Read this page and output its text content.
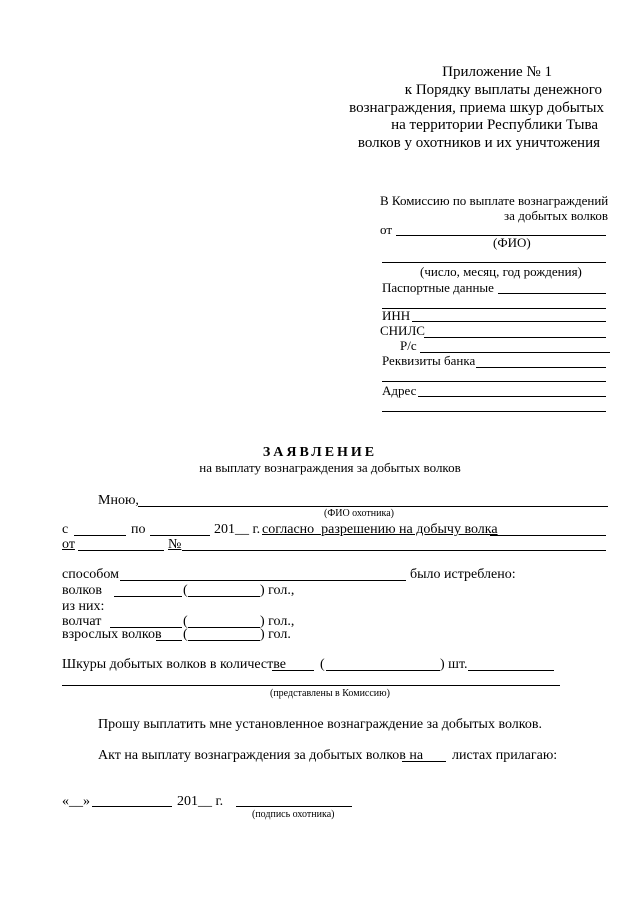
Приложение № 1
к Порядку выплаты денежного
вознаграждения, приема шкур добытых
на территории Республики Тыва
волков у охотников и их уничтожения
В Комиссию по выплате вознаграждений
за добытых волков
от
(ФИО)
(число, месяц, год рождения)
Паспортные данные
ИНН
СНИЛС
Р/с
Реквизиты банка
Адрес
ЗАЯВЛЕНИЕ
на выплату вознаграждения за добытых волков
Мною,
(ФИО охотника)
с	по	201__ г. согласно  разрешению на добычу волка
от	№
способом	было истреблено:
волков	(	) гол.,
из них:
волчат	(	) гол.,
взрослых волков (	) гол.
Шкуры добытых волков в количестве (	) шт.
(представлены в Комиссию)
Прошу выплатить мне установленное вознаграждение за добытых волков.
Акт на выплату вознаграждения за добытых волков на листах прилагаю:
«__»	201__ г.
(подпись охотника)
